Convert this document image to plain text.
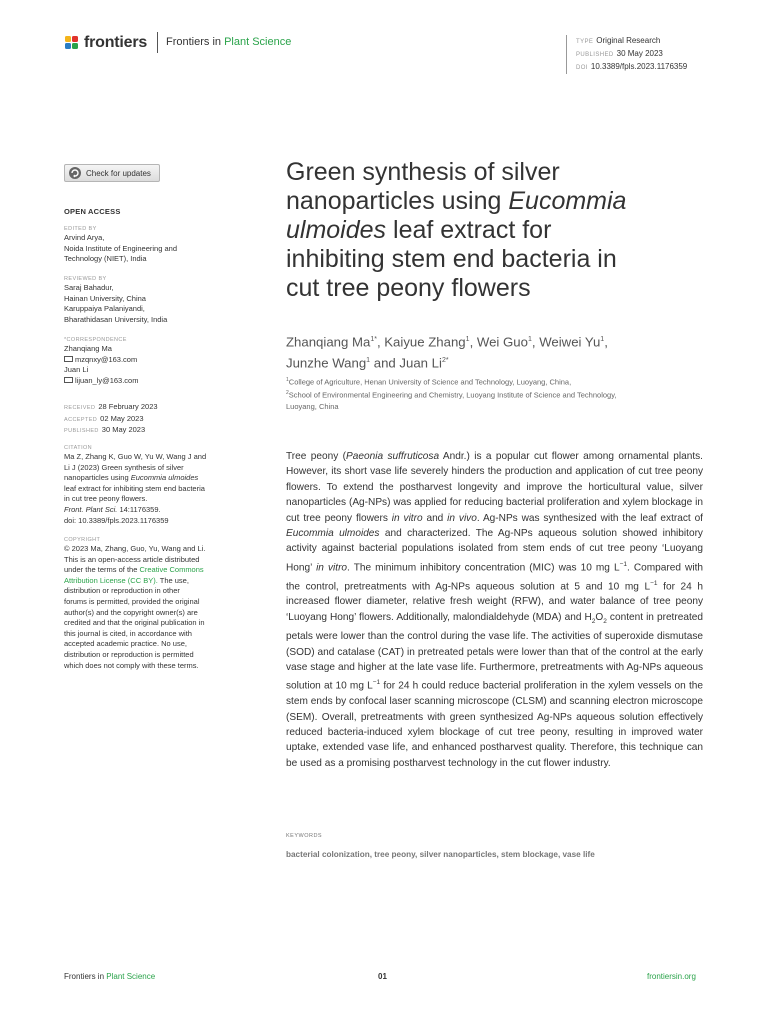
frontiers Frontiers in Plant Science	TYPE Original Research
PUBLISHED 30 May 2023
DOI 10.3389/fpls.2023.1176359
Check for updates
OPEN ACCESS
EDITED BY
Arvind Arya,
Noida Institute of Engineering and
Technology (NIET), India
REVIEWED BY
Saraj Bahadur,
Hainan University, China
Karuppaiya Palaniyandi,
Bharathidasan University, India
*CORRESPONDENCE
Zhanqiang Ma
mzqnxy@163.com
Juan Li
lijuan_ly@163.com
RECEIVED 28 February 2023
ACCEPTED 02 May 2023
PUBLISHED 30 May 2023
CITATION
Ma Z, Zhang K, Guo W, Yu W, Wang J and
Li J (2023) Green synthesis of silver
nanoparticles using Eucommia ulmoides
leaf extract for inhibiting stem end bacteria
in cut tree peony flowers.
Front. Plant Sci. 14:1176359.
doi: 10.3389/fpls.2023.1176359
COPYRIGHT
© 2023 Ma, Zhang, Guo, Yu, Wang and Li.
This is an open-access article distributed
under the terms of the Creative Commons
Attribution License (CC BY). The use,
distribution or reproduction in other
forums is permitted, provided the original
author(s) and the copyright owner(s) are
credited and that the original publication in
this journal is cited, in accordance with
accepted academic practice. No use,
distribution or reproduction is permitted
which does not comply with these terms.
Green synthesis of silver
nanoparticles using Eucommia
ulmoides leaf extract for
inhibiting stem end bacteria in
cut tree peony flowers
Zhanqiang $Ma^{1*}$, Kaiyue Zhang$^1$, Wei Guo$^1$, Weiwei Yu$^1$,
Junzhe Wang$^1$ and Juan $Li^{2*}$
$^1$College of Agriculture, Henan University of Science and Technology, Luoyang, China,
$^2$School of Environmental Engineering and Chemistry, Luoyang Institute of Science and Technology,
Luoyang, China
Tree peony (Paeonia suffruticosa Andr.) is a popular cut flower among ornamental plants. However, its short vase life severely hinders the production and application of cut tree peony flowers. To extend the postharvest longevity and improve the horticultural value, silver nanoparticles (Ag-NPs) was applied for reducing bacterial proliferation and xylem blockage in cut tree peony flowers in vitro and in vivo. Ag-NPs was synthesized with the leaf extract of Eucommia ulmoides and characterized. The Ag-NPs aqueous solution showed inhibitory activity against bacterial populations isolated from stem ends of cut tree peony ‘Luoyang Hong’ in vitro. The minimum inhibitory concentration (MIC) was 10 mg $L^{-1}$. Compared with the control, pretreatments with Ag-NPs aqueous solution at 5 and 10 mg $L^{-1}$ for 24 h increased flower diameter, relative fresh weight (RFW), and water balance of tree peony ‘Luoyang Hong’ flowers. Additionally, malondialdehyde (MDA) and $H_2O_2$ content in pretreated petals were lower than the control during the vase life. The activities of superoxide dismutase (SOD) and catalase (CAT) in pretreated petals were lower than that of the control at the early vase stage and higher at the late vase life. Furthermore, pretreatments with Ag-NPs aqueous solution at 10 mg $L^{-1}$ for 24 h could reduce bacterial proliferation in the xylem vessels on the stem ends by confocal laser scanning microscope (CLSM) and scanning electron microscope (SEM). Overall, pretreatments with green synthesized Ag-NPs aqueous solution effectively reduced bacteria-induced xylem blockage of cut tree peony, resulting in improved water uptake, extended vase life, and enhanced postharvest quality. Therefore, this technique can be used as a promising postharvest technology in the cut flower industry.
KEYWORDS
bacterial colonization, tree peony, silver nanoparticles, stem blockage, vase life
Frontiers in Plant Science	01	frontiersin.org
